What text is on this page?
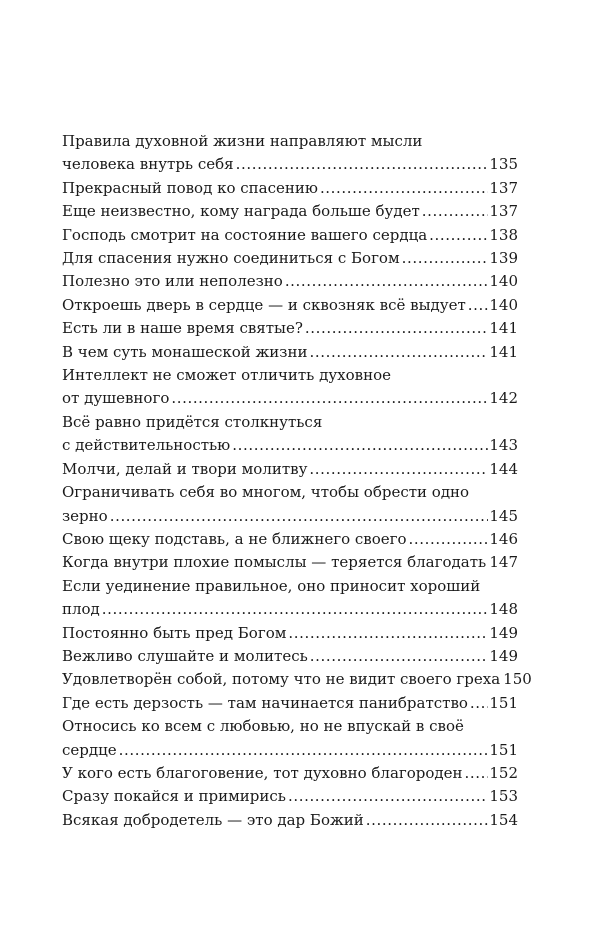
Правила духовной жизни направляют мысли
человека внутрь себя .....	135
Прекрасный повод ко спасению .....	137
Еще неизвестно, кому награда больше будет .....	137
Господь смотрит на состояние вашего сердца .....	138
Для спасения нужно соединиться с Богом .....	139
Полезно это или неполезно .....	140
Откроешь дверь в сердце — и сквозняк всё выдует ..... 140
Есть ли в наше время святые? .....	141
В чем суть монашеской жизни .....	141
Интеллект не сможет отличить духовное
от душевного .....	142
Всё равно придётся столкнуться
с действительностью .....	143
Молчи, делай и твори молитву .....	144
Ограничивать себя во многом, чтобы обрести одно
зерно .....	145
Свою щеку подставь, а не ближнего своего .....	146
Когда внутри плохие помыслы — теряется благодать ..... 147
Если уединение правильное, оно приносит хороший
плод .....	148
Постоянно быть пред Богом .....	149
Вежливо слушайте и молитесь .....	149
Удовлетворён собой, потому что не видит своего греха 150
Где есть дерзость — там начинается панибратство ..... 151
Относись ко всем с любовью, но не впускай в своё
сердце .....	151
У кого есть благоговение, тот духовно благороден ..... 152
Сразу покайся и примирись .....	153
Всякая добродетель — это дар Божий .....	154
